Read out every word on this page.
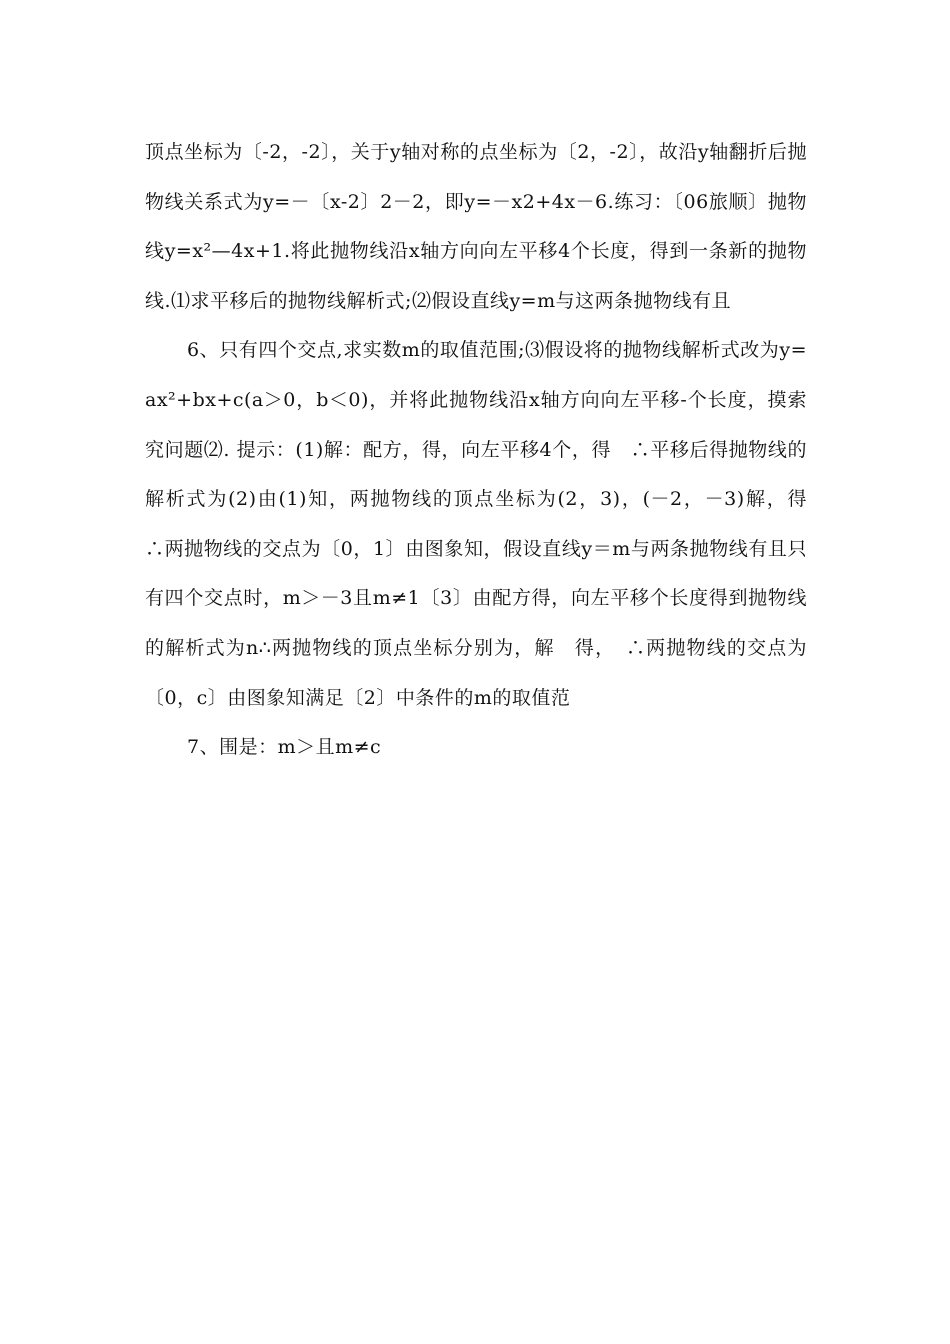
顶点坐标为〔-2，-2〕，关于y轴对称的点坐标为〔2，-2〕，故沿y轴翻折后抛物线关系式为y=－〔x-2〕2－2，即y=－x2+4x－6.练习：〔06旅顺〕抛物线y=x²—4x+1.将此抛物线沿x轴方向向左平移4个长度，得到一条新的抛物线.⑴求平移后的抛物线解析式;⑵假设直线y=m与这两条抛物线有且

6、只有四个交点,求实数m的取值范围;⑶假设将的抛物线解析式改为y=ax²+bx+c(a＞0，b＜0)，并将此抛物线沿x轴方向向左平移-个长度，摸索究问题⑵. 提示：(1)解：配方，得，向左平移4个，得　∴平移后得抛物线的解析式为(2)由(1)知，两抛物线的顶点坐标为(2，3)，(－2，－3)解，得　∴两抛物线的交点为〔0，1〕由图象知，假设直线y＝m与两条抛物线有且只有四个交点时，m＞－3且m≠1〔3〕由配方得，向左平移个长度得到抛物线的解析式为n∴两抛物线的顶点坐标分别为，解　得，　∴两抛物线的交点为〔0，c〕由图象知满足〔2〕中条件的m的取值范

7、围是：m＞且m≠c
